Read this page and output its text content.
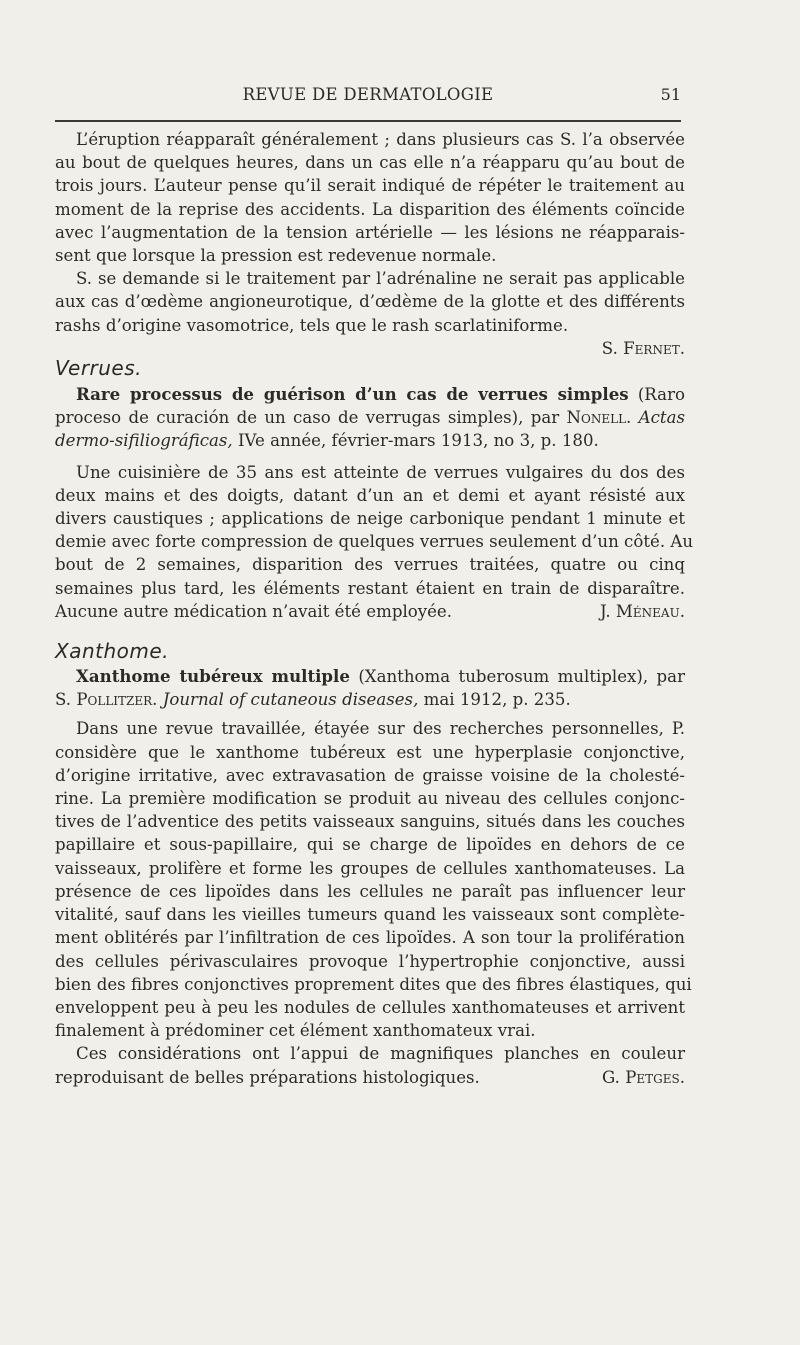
REVUE DE DERMATOLOGIE	51
L’éruption réapparaît généralement ; dans plusieurs cas S. l’a observée
au bout de quelques heures, dans un cas elle n’a réapparu qu’au bout de
trois jours. L’auteur pense qu’il serait indiqué de répéter le traitement au
moment de la reprise des accidents. La disparition des éléments coïncide
avec l’augmentation de la tension artérielle — les lésions ne réapparais-
sent que lorsque la pression est redevenue normale.
S. se demande si le traitement par l’adrénaline ne serait pas applicable
aux cas d’œdème angioneurotique, d’œdème de la glotte et des différents
rashs d’origine vasomotrice, tels que le rash scarlatiniforme.
S. Fernet.
Verrues.
Rare processus de guérison d’un cas de verrues simples (Raro
proceso de curación de un caso de verrugas simples), par Nonell. Actas
dermo-sifiliográficas, IVe année, février-mars 1913, no 3, p. 180.
Une cuisinière de 35 ans est atteinte de verrues vulgaires du dos des
deux mains et des doigts, datant d’un an et demi et ayant résisté aux
divers caustiques ; applications de neige carbonique pendant 1 minute et
demie avec forte compression de quelques verrues seulement d’un côté. Au
bout de 2 semaines, disparition des verrues traitées, quatre ou cinq
semaines plus tard, les éléments restant étaient en train de disparaître.
Aucune autre médication n’avait été employée.	J. Méneau.
Xanthome.
Xanthome tubéreux multiple (Xanthoma tuberosum multiplex), par
S. Pollitzer. Journal of cutaneous diseases, mai 1912, p. 235.
Dans une revue travaillée, étayée sur des recherches personnelles, P.
considère que le xanthome tubéreux est une hyperplasie conjonctive,
d’origine irritative, avec extravasation de graisse voisine de la cholesté-
rine. La première modification se produit au niveau des cellules conjonc-
tives de l’adventice des petits vaisseaux sanguins, situés dans les couches
papillaire et sous-papillaire, qui se charge de lipoïdes en dehors de ce
vaisseaux, prolifère et forme les groupes de cellules xanthomateuses. La
présence de ces lipoïdes dans les cellules ne paraît pas influencer leur
vitalité, sauf dans les vieilles tumeurs quand les vaisseaux sont complète-
ment oblitérés par l’infiltration de ces lipoïdes. A son tour la prolifération
des cellules périvasculaires provoque l’hypertrophie conjonctive, aussi
bien des fibres conjonctives proprement dites que des fibres élastiques, qui
enveloppent peu à peu les nodules de cellules xanthomateuses et arrivent
finalement à prédominer cet élément xanthomateux vrai.
Ces considérations ont l’appui de magnifiques planches en couleur
reproduisant de belles préparations histologiques.	G. Petges.
